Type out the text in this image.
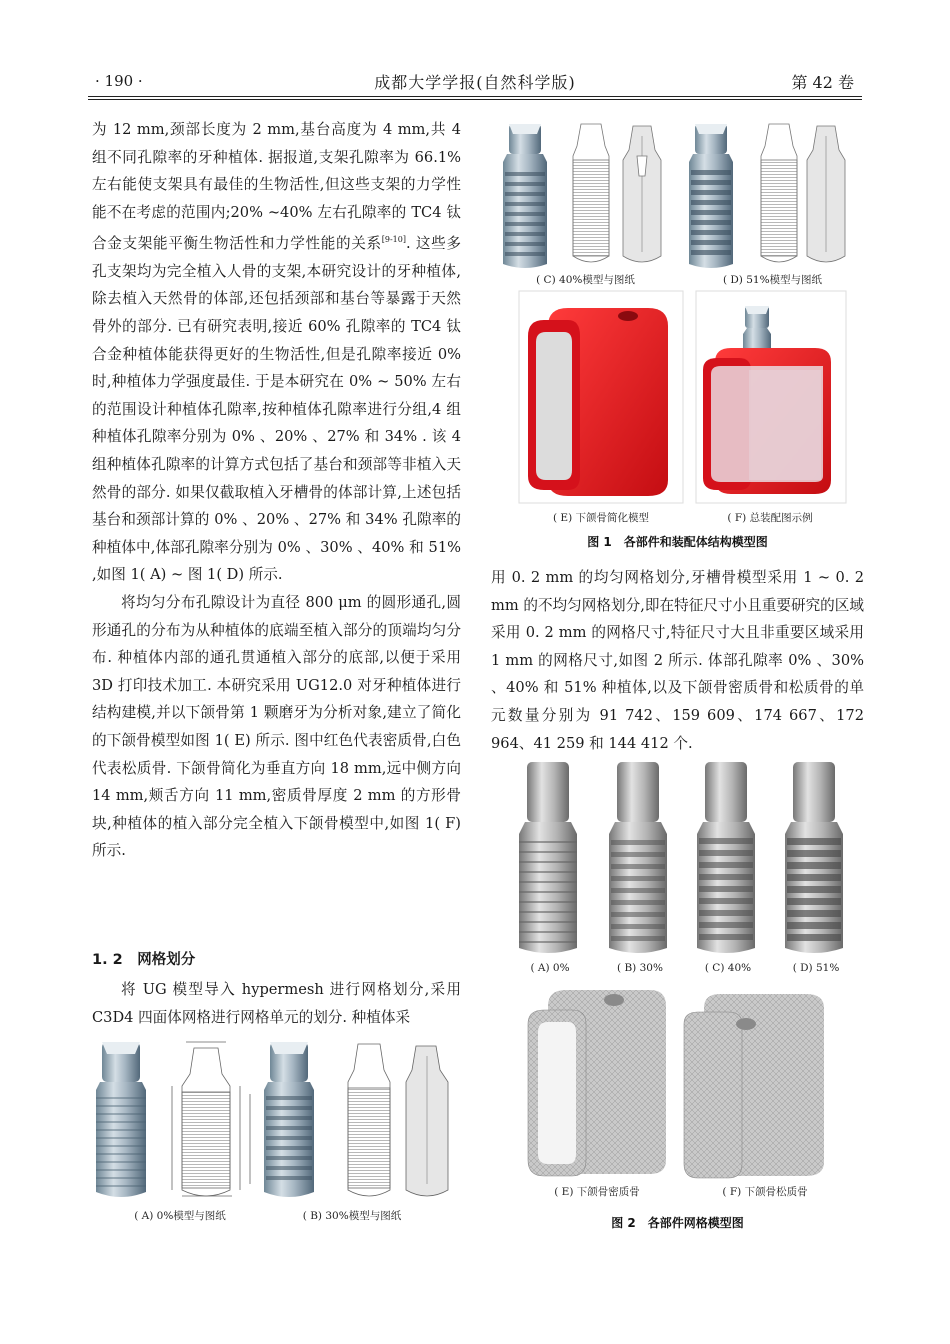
· 190 ·	成都大学学报(自然科学版)	第 42 卷

为 12 mm,颈部长度为 2 mm,基台高度为 4 mm,共 4 组不同孔隙率的牙种植体. 据报道,支架孔隙率为 66.1% 左右能使支架具有最佳的生物活性,但这些支架的力学性能不在考虑的范围内;20% ~40% 左右孔隙率的 TC4 钛合金支架能平衡生物活性和力学性能的关系[9-10]. 这些多孔支架均为完全植入人骨的支架,本研究设计的牙种植体,除去植入天然骨的体部,还包括颈部和基台等暴露于天然骨外的部分. 已有研究表明,接近 60% 孔隙率的 TC4 钛合金种植体能获得更好的生物活性,但是孔隙率接近 0% 时,种植体力学强度最佳. 于是本研究在 0% ~ 50% 左右的范围设计种植体孔隙率,按种植体孔隙率进行分组,4 组种植体孔隙率分别为 0% 、20% 、27% 和 34% . 该 4 组种植体孔隙率的计算方式包括了基台和颈部等非植入天然骨的部分. 如果仅截取植入牙槽骨的体部计算,上述包括基台和颈部计算的 0% 、20% 、27% 和 34% 孔隙率的种植体中,体部孔隙率分别为 0% 、30% 、40% 和 51% ,如图 1( A) ~ 图 1( D) 所示.

将均匀分布孔隙设计为直径 800 μm 的圆形通孔,圆形通孔的分布为从种植体的底端至植入部分的顶端均匀分布. 种植体内部的通孔贯通植入部分的底部,以便于采用 3D 打印技术加工. 本研究采用 UG12.0 对牙种植体进行结构建模,并以下颌骨第 1 颗磨牙为分析对象,建立了简化的下颌骨模型如图 1( E) 所示. 图中红色代表密质骨,白色代表松质骨. 下颌骨简化为垂直方向 18 mm,远中侧方向 14 mm,颊舌方向 11 mm,密质骨厚度 2 mm 的方形骨块,种植体的植入部分完全植入下颌骨模型中,如图 1( F) 所示.

1. 2　网格划分

将 UG 模型导入 hypermesh 进行网格划分,采用 C3D4 四面体网格进行网格单元的划分. 种植体采

用 0. 2 mm 的均匀网格划分,牙槽骨模型采用 1 ~ 0. 2 mm 的不均匀网格划分,即在特征尺寸小且重要研究的区域采用 0. 2 mm 的网格尺寸,特征尺寸大且非重要区域采用 1 mm 的网格尺寸,如图 2 所示. 体部孔隙率 0% 、30% 、40% 和 51% 种植体,以及下颌骨密质骨和松质骨的单元数量分别为 91 742、159 609、174 667、172 964、41 259 和 144 412 个.

( C) 40%模型与图纸	( D) 51%模型与图纸
( E) 下颌骨简化模型	( F) 总装配图示例
图 1　各部件和装配体结构模型图
( A) 0%模型与图纸	( B) 30%模型与图纸
( A) 0%	( B) 30%	( C) 40%	( D) 51%
( E) 下颌骨密质骨	( F) 下颌骨松质骨
图 2　各部件网格模型图
